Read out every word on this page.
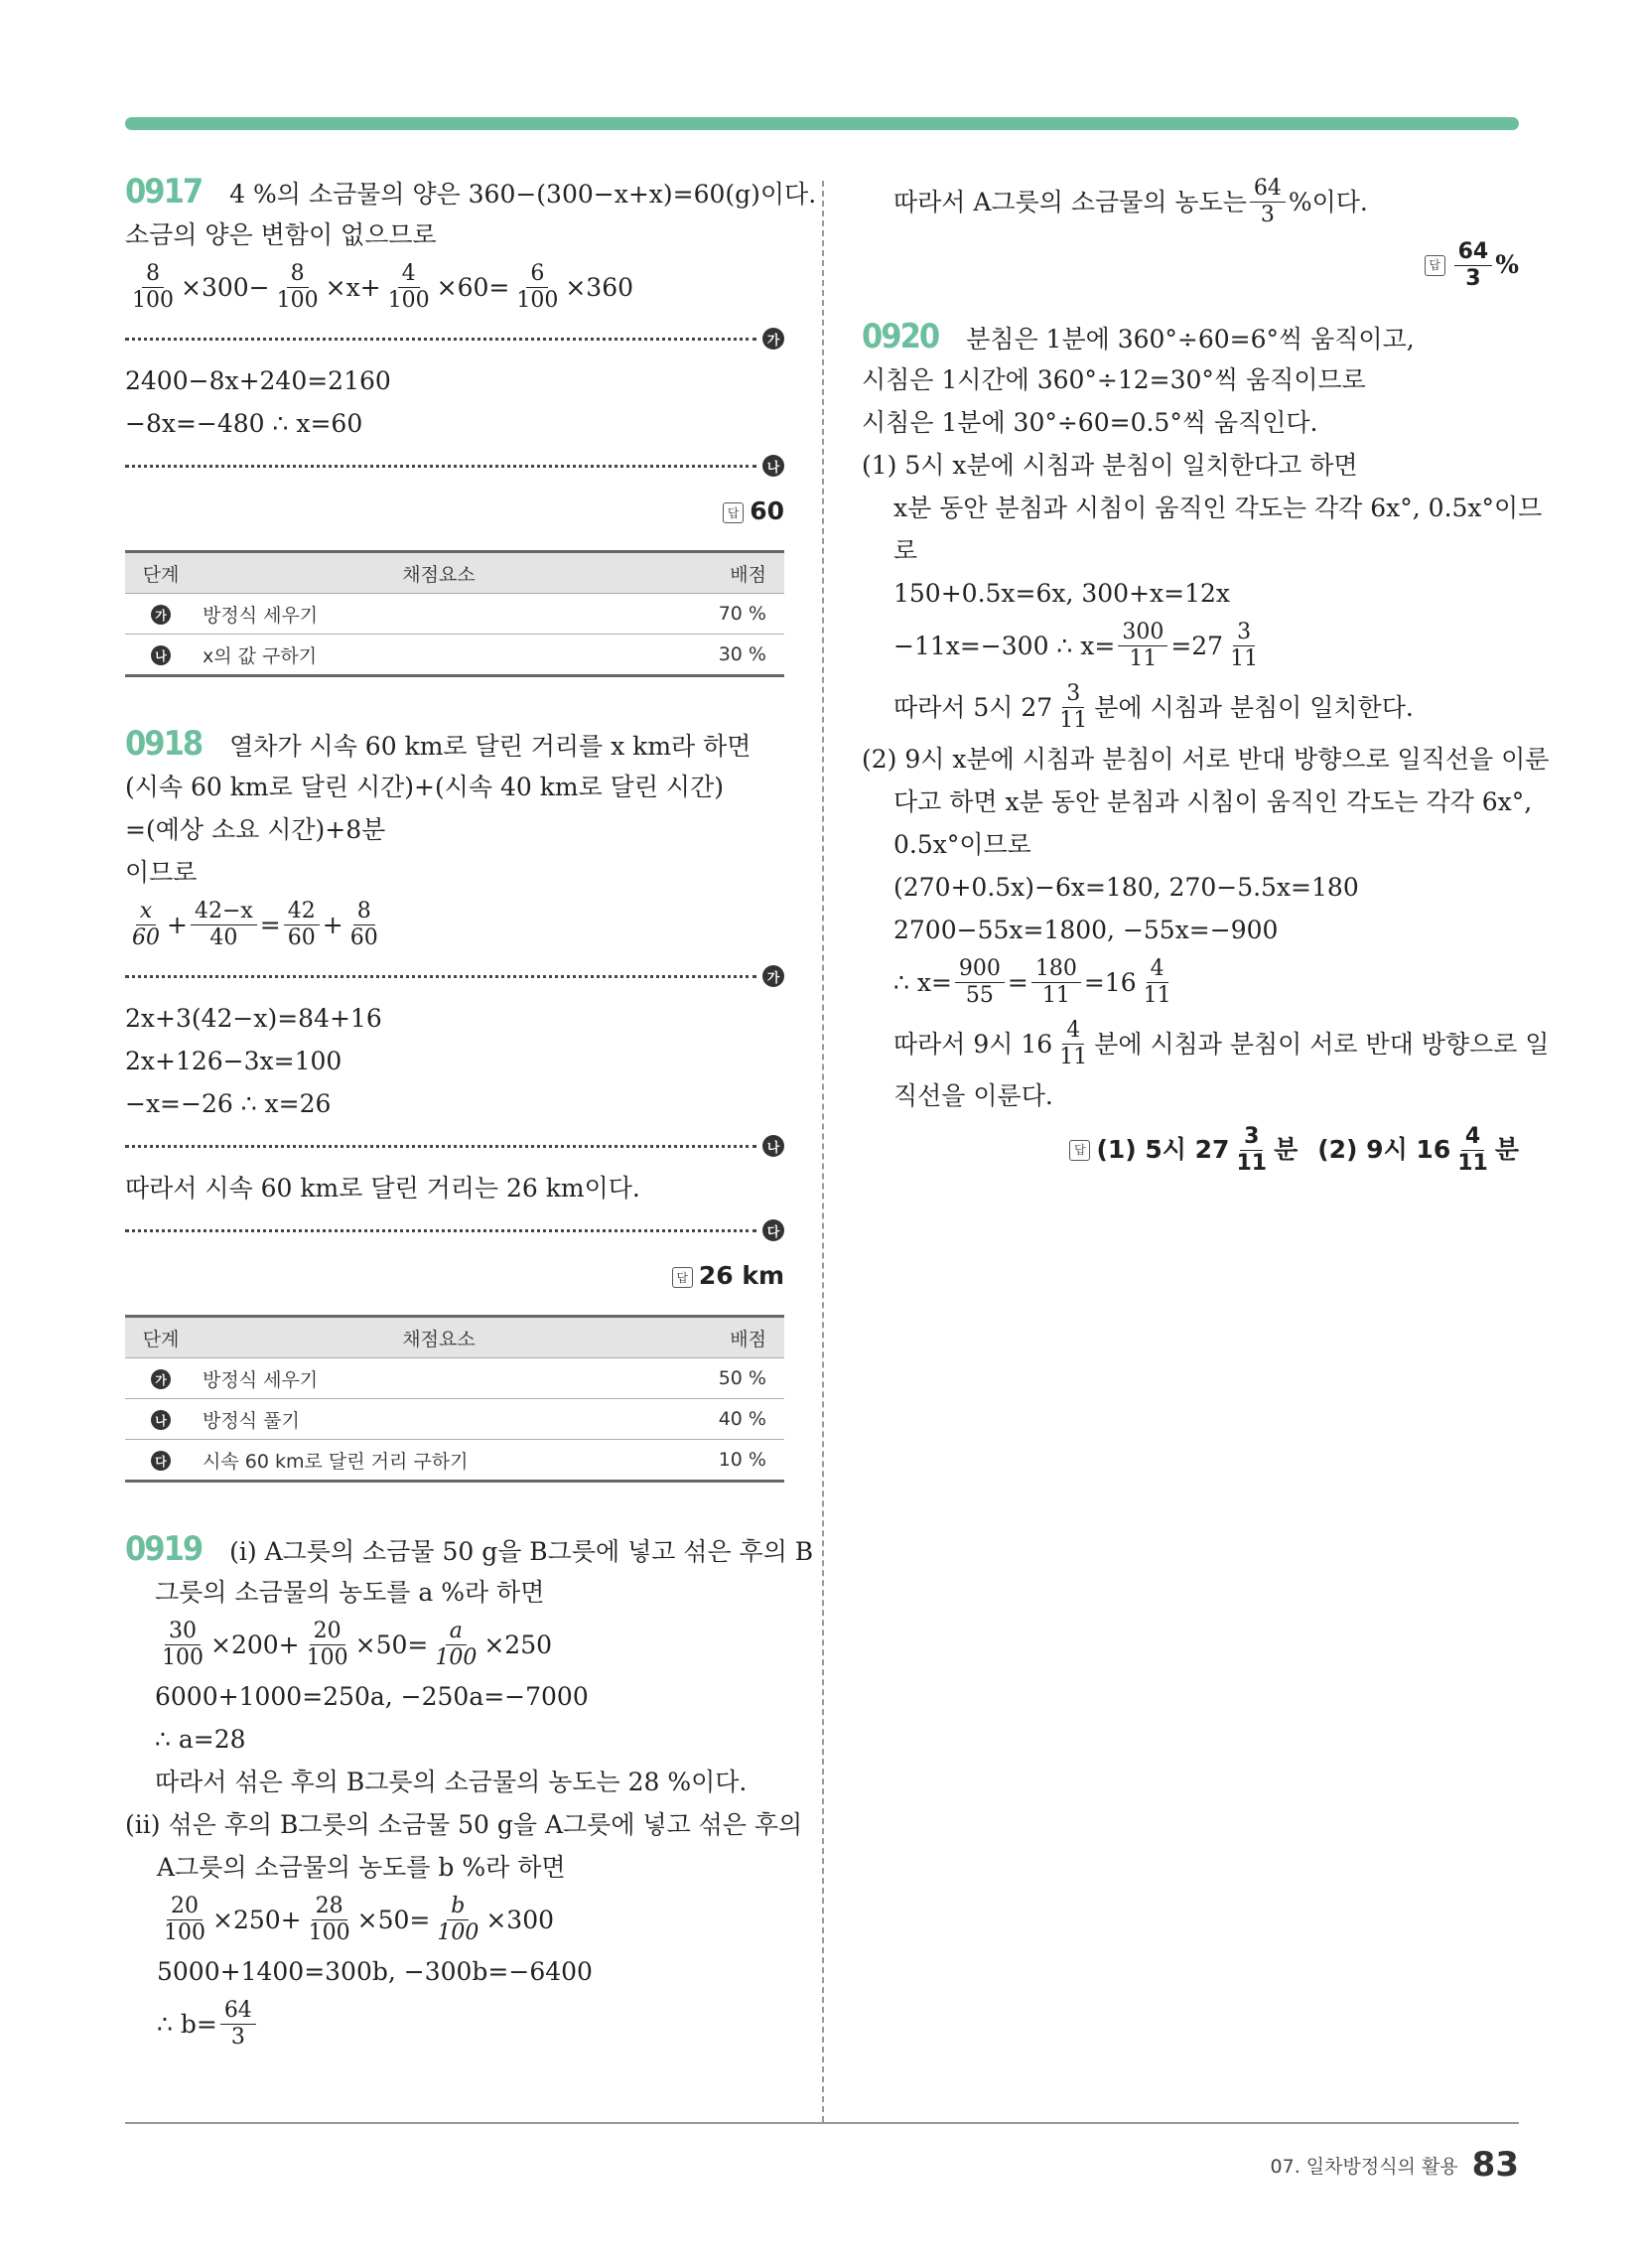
0917 4 %의 소금물의 양은 360−(300−x+x)=60(g)이다.
소금의 양은 변함이 없으므로
$\frac{8}{100} \times 300- \frac{8}{100} \times x+ \frac{4}{100} \times 60= \frac{6}{100} \times 360$
가
2400−8x+240=2160
−8x=−480 ∴ x=60
나
답 60
단계	채점요소	배점
가	방정식 세우기	70 %
나	x의 값 구하기	30 %
0918 열차가 시속 60 km로 달린 거리를 x km라 하면
(시속 60 km로 달린 시간)+(시속 40 km로 달린 시간)
=(예상 소요 시간)+8분
이므로
$\frac{x}{60} + \frac{42-x}{40} = \frac{42}{60} + \frac{8}{60}$
가
2x+3(42−x)=84+16
2x+126−3x=100
−x=−26 ∴ x=26
나
따라서 시속 60 km로 달린 거리는 26 km이다.
다
답 26 km
단계	채점요소	배점
가	방정식 세우기	50 %
나	방정식 풀기	40 %
다	시속 60 km로 달린 거리 구하기	10 %
0919 (ⅰ) A그릇의 소금물 50 g을 B그릇에 넣고 섞은 후의 B
그릇의 소금물의 농도를 a %라 하면
$\frac{30}{100} \times 200+ \frac{20}{100} \times 50= \frac{a}{100} \times 250$
6000+1000=250a, −250a=−7000
∴ a=28
따라서 섞은 후의 B그릇의 소금물의 농도는 28 %이다.
(ⅱ) 섞은 후의 B그릇의 소금물 50 g을 A그릇에 넣고 섞은 후의
A그릇의 소금물의 농도를 b %라 하면
$\frac{20}{100} \times 250+ \frac{28}{100} \times 50= \frac{b}{100} \times 300$
5000+1400=300b, −300b=−6400
∴ $b= \frac{64}{3}$
따라서 A그릇의 소금물의 농도는 $\frac{64}{3}$ %이다.
답 $\frac{64}{3}$ %
0920 분침은 1분에 360°÷60=6°씩 움직이고,
시침은 1시간에 360°÷12=30°씩 움직이므로
시침은 1분에 30°÷60=0.5°씩 움직인다.
(1) 5시 x분에 시침과 분침이 일치한다고 하면
x분 동안 분침과 시침이 움직인 각도는 각각 6x°, 0.5x°이므
로
150+0.5x=6x, 300+x=12x
−11x=−300 ∴ $x= \frac{300}{11} =27 \frac{3}{11}$
따라서 5시 $27 \frac{3}{11}$ 분에 시침과 분침이 일치한다.
(2) 9시 x분에 시침과 분침이 서로 반대 방향으로 일직선을 이룬
다고 하면 x분 동안 분침과 시침이 움직인 각도는 각각 6x°,
0.5x°이므로
(270+0.5x)−6x=180, 270−5.5x=180
2700−55x=1800, −55x=−900
∴ $x= \frac{900}{55} = \frac{180}{11} =16 \frac{4}{11}$
따라서 9시 $16 \frac{4}{11}$ 분에 시침과 분침이 서로 반대 방향으로 일
직선을 이룬다.
답 (1) 5시 $27 \frac{3}{11}$ 분 (2) 9시 $16 \frac{4}{11}$ 분
07. 일차방정식의 활용 83
